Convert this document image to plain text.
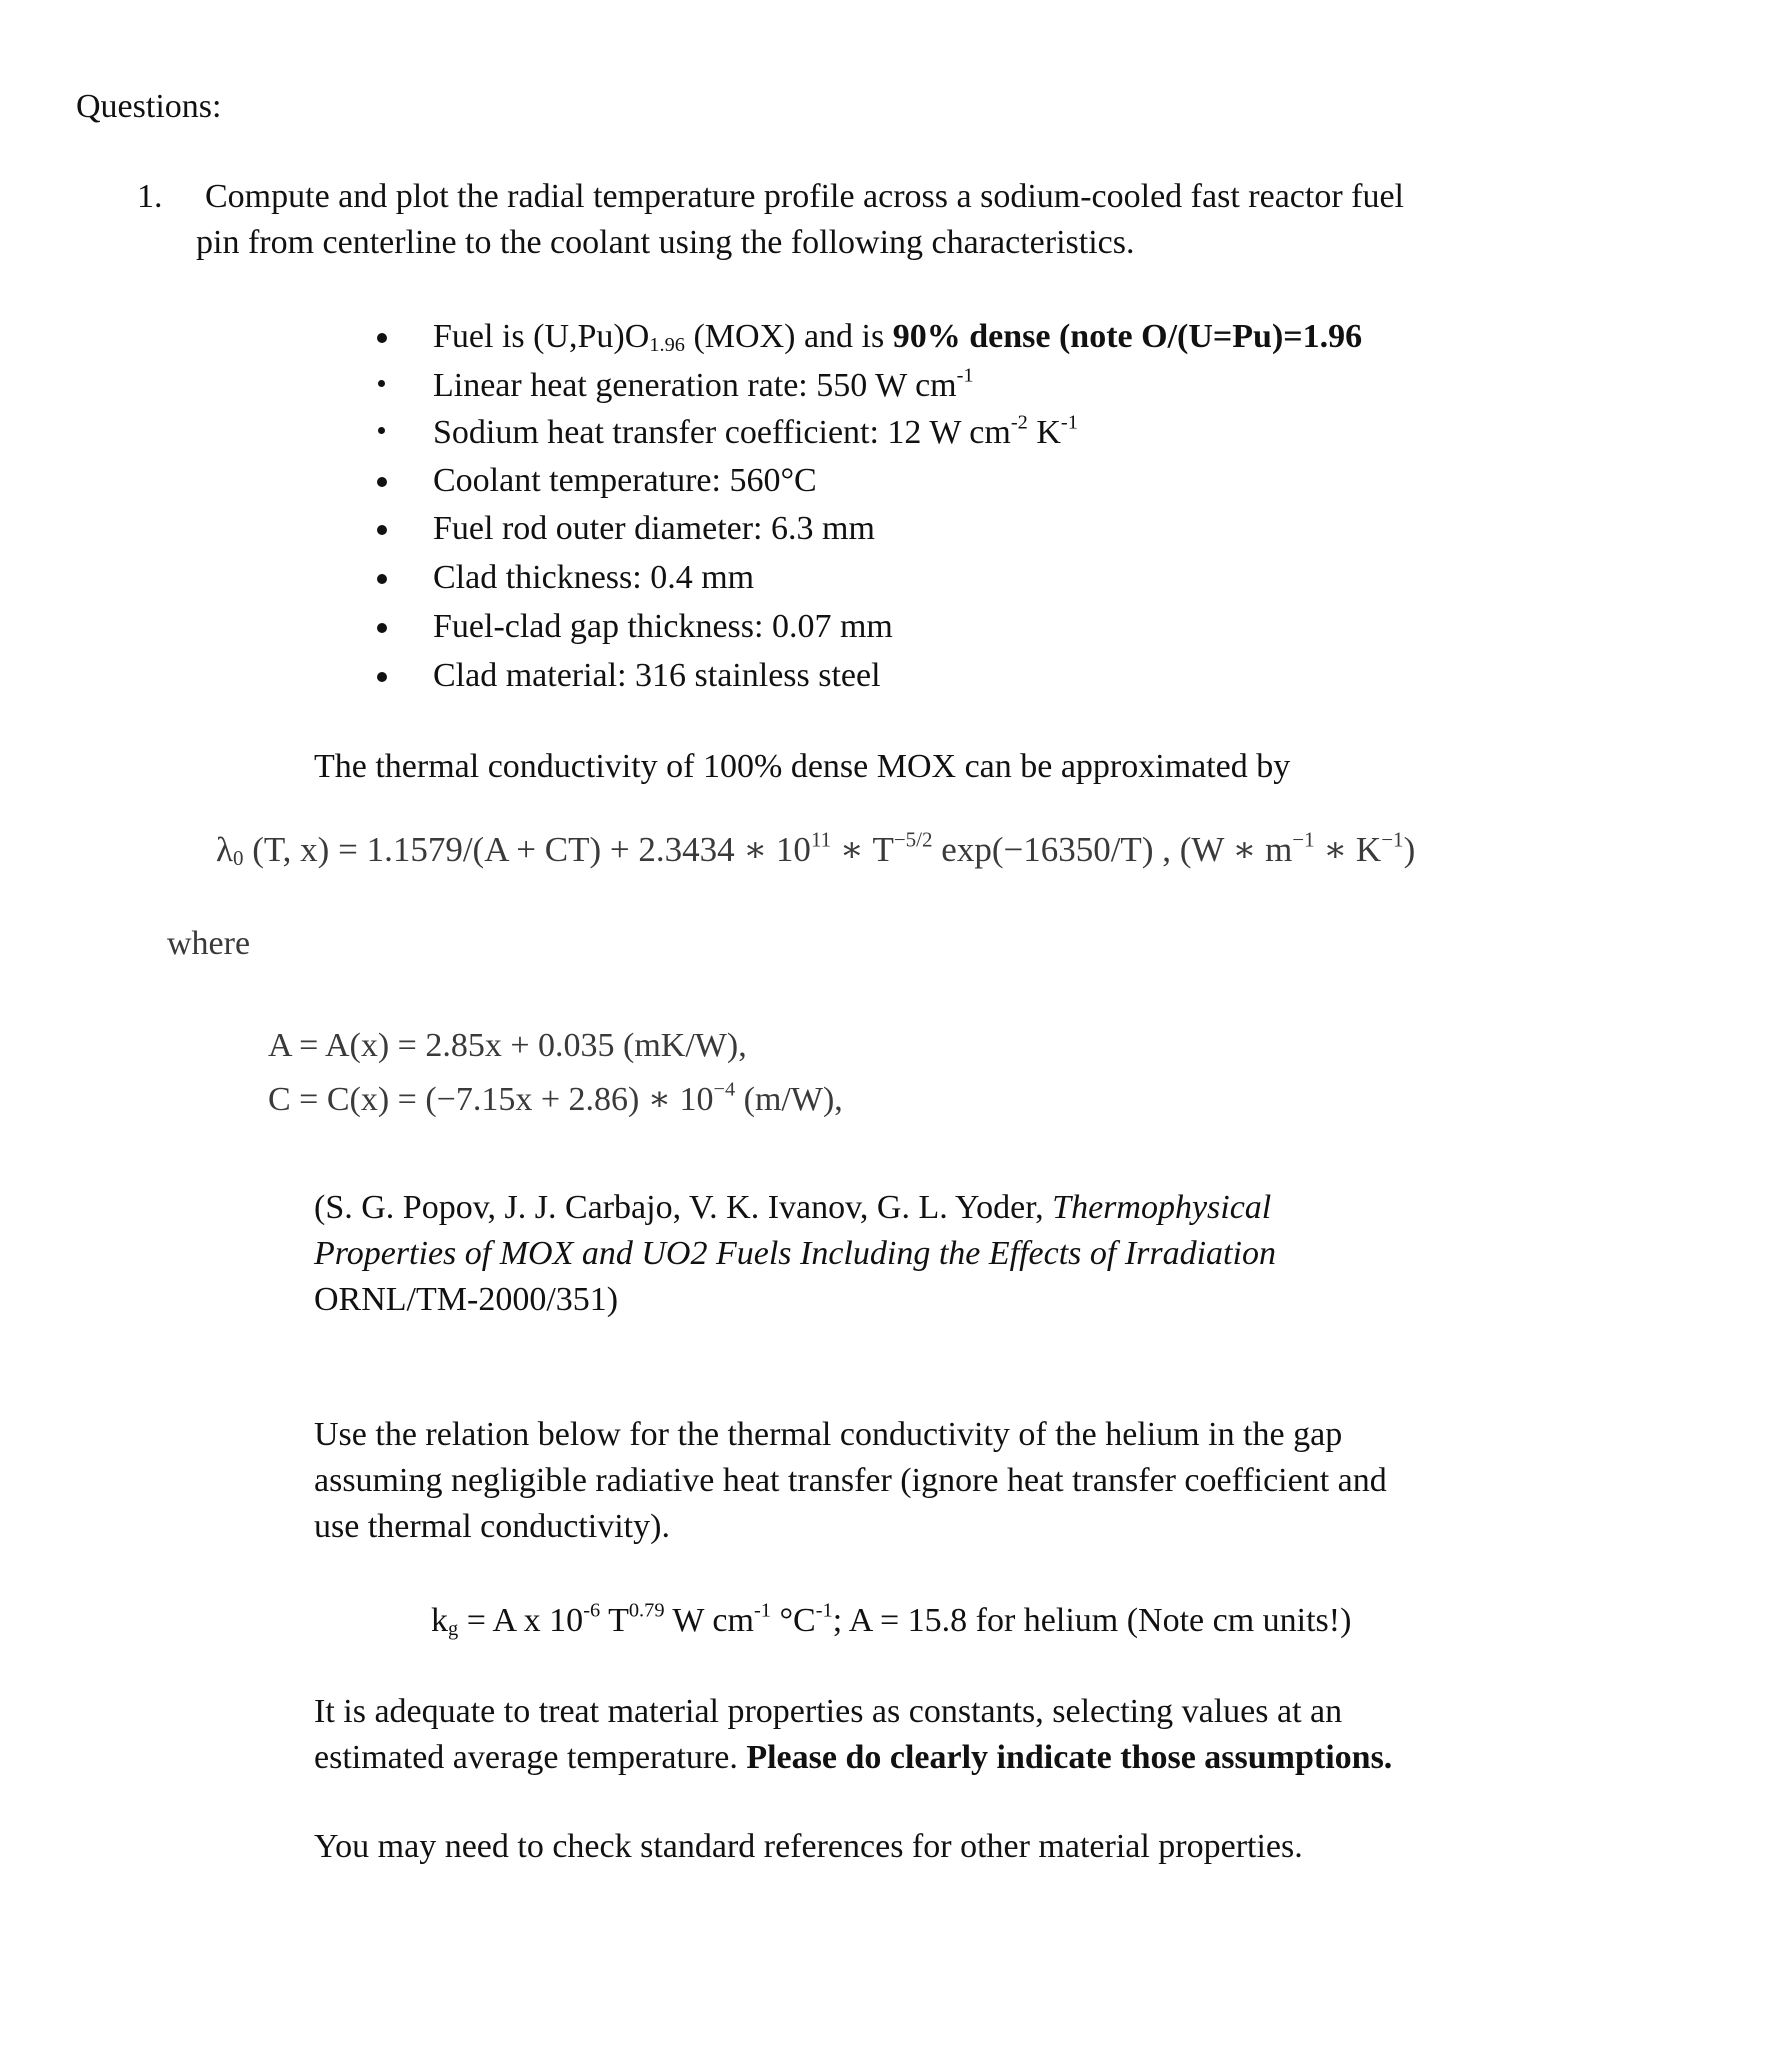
Questions:
1. Compute and plot the radial temperature profile across a sodium-cooled fast reactor fuel
pin from centerline to the coolant using the following characteristics.
Fuel is $(U,Pu)O_{1.96}$ (MOX) and is 90% dense (note O/(U=Pu)=1.96
Linear heat generation rate: 550 W $cm^{-1}$
Sodium heat transfer coefficient: 12 W $cm^{-2}$ $K^{-1}$
Coolant temperature: 560°C
Fuel rod outer diameter: 6.3 mm
Clad thickness: 0.4 mm
Fuel-clad gap thickness: 0.07 mm
Clad material: 316 stainless steel
The thermal conductivity of 100% dense MOX can be approximated by
$\lambda_0$ (T, x) = 1.1579/(A + CT) + 2.3434 ∗ $10^{11}$ ∗ $T^{-5/2}$ exp(−16350/T) , (W ∗ $m^{-1}$ ∗ $K^{-1}$)
where
A = A(x) = 2.85x + 0.035 (mK/W),
C = C(x) = (−7.15x + 2.86) ∗ $10^{-4}$ (m/W),
(S. G. Popov, J. J. Carbajo, V. K. Ivanov, G. L. Yoder, Thermophysical
Properties of MOX and UO2 Fuels Including the Effects of Irradiation
ORNL/TM-2000/351)
Use the relation below for the thermal conductivity of the helium in the gap
assuming negligible radiative heat transfer (ignore heat transfer coefficient and
use thermal conductivity).
$k_g = A$ x $10^{-6}$ $T^{0.79}$ W $cm^{-1}$ $^\circ C^{-1}$; A = 15.8 for helium (Note cm units!)
It is adequate to treat material properties as constants, selecting values at an
estimated average temperature. Please do clearly indicate those assumptions.
You may need to check standard references for other material properties.
